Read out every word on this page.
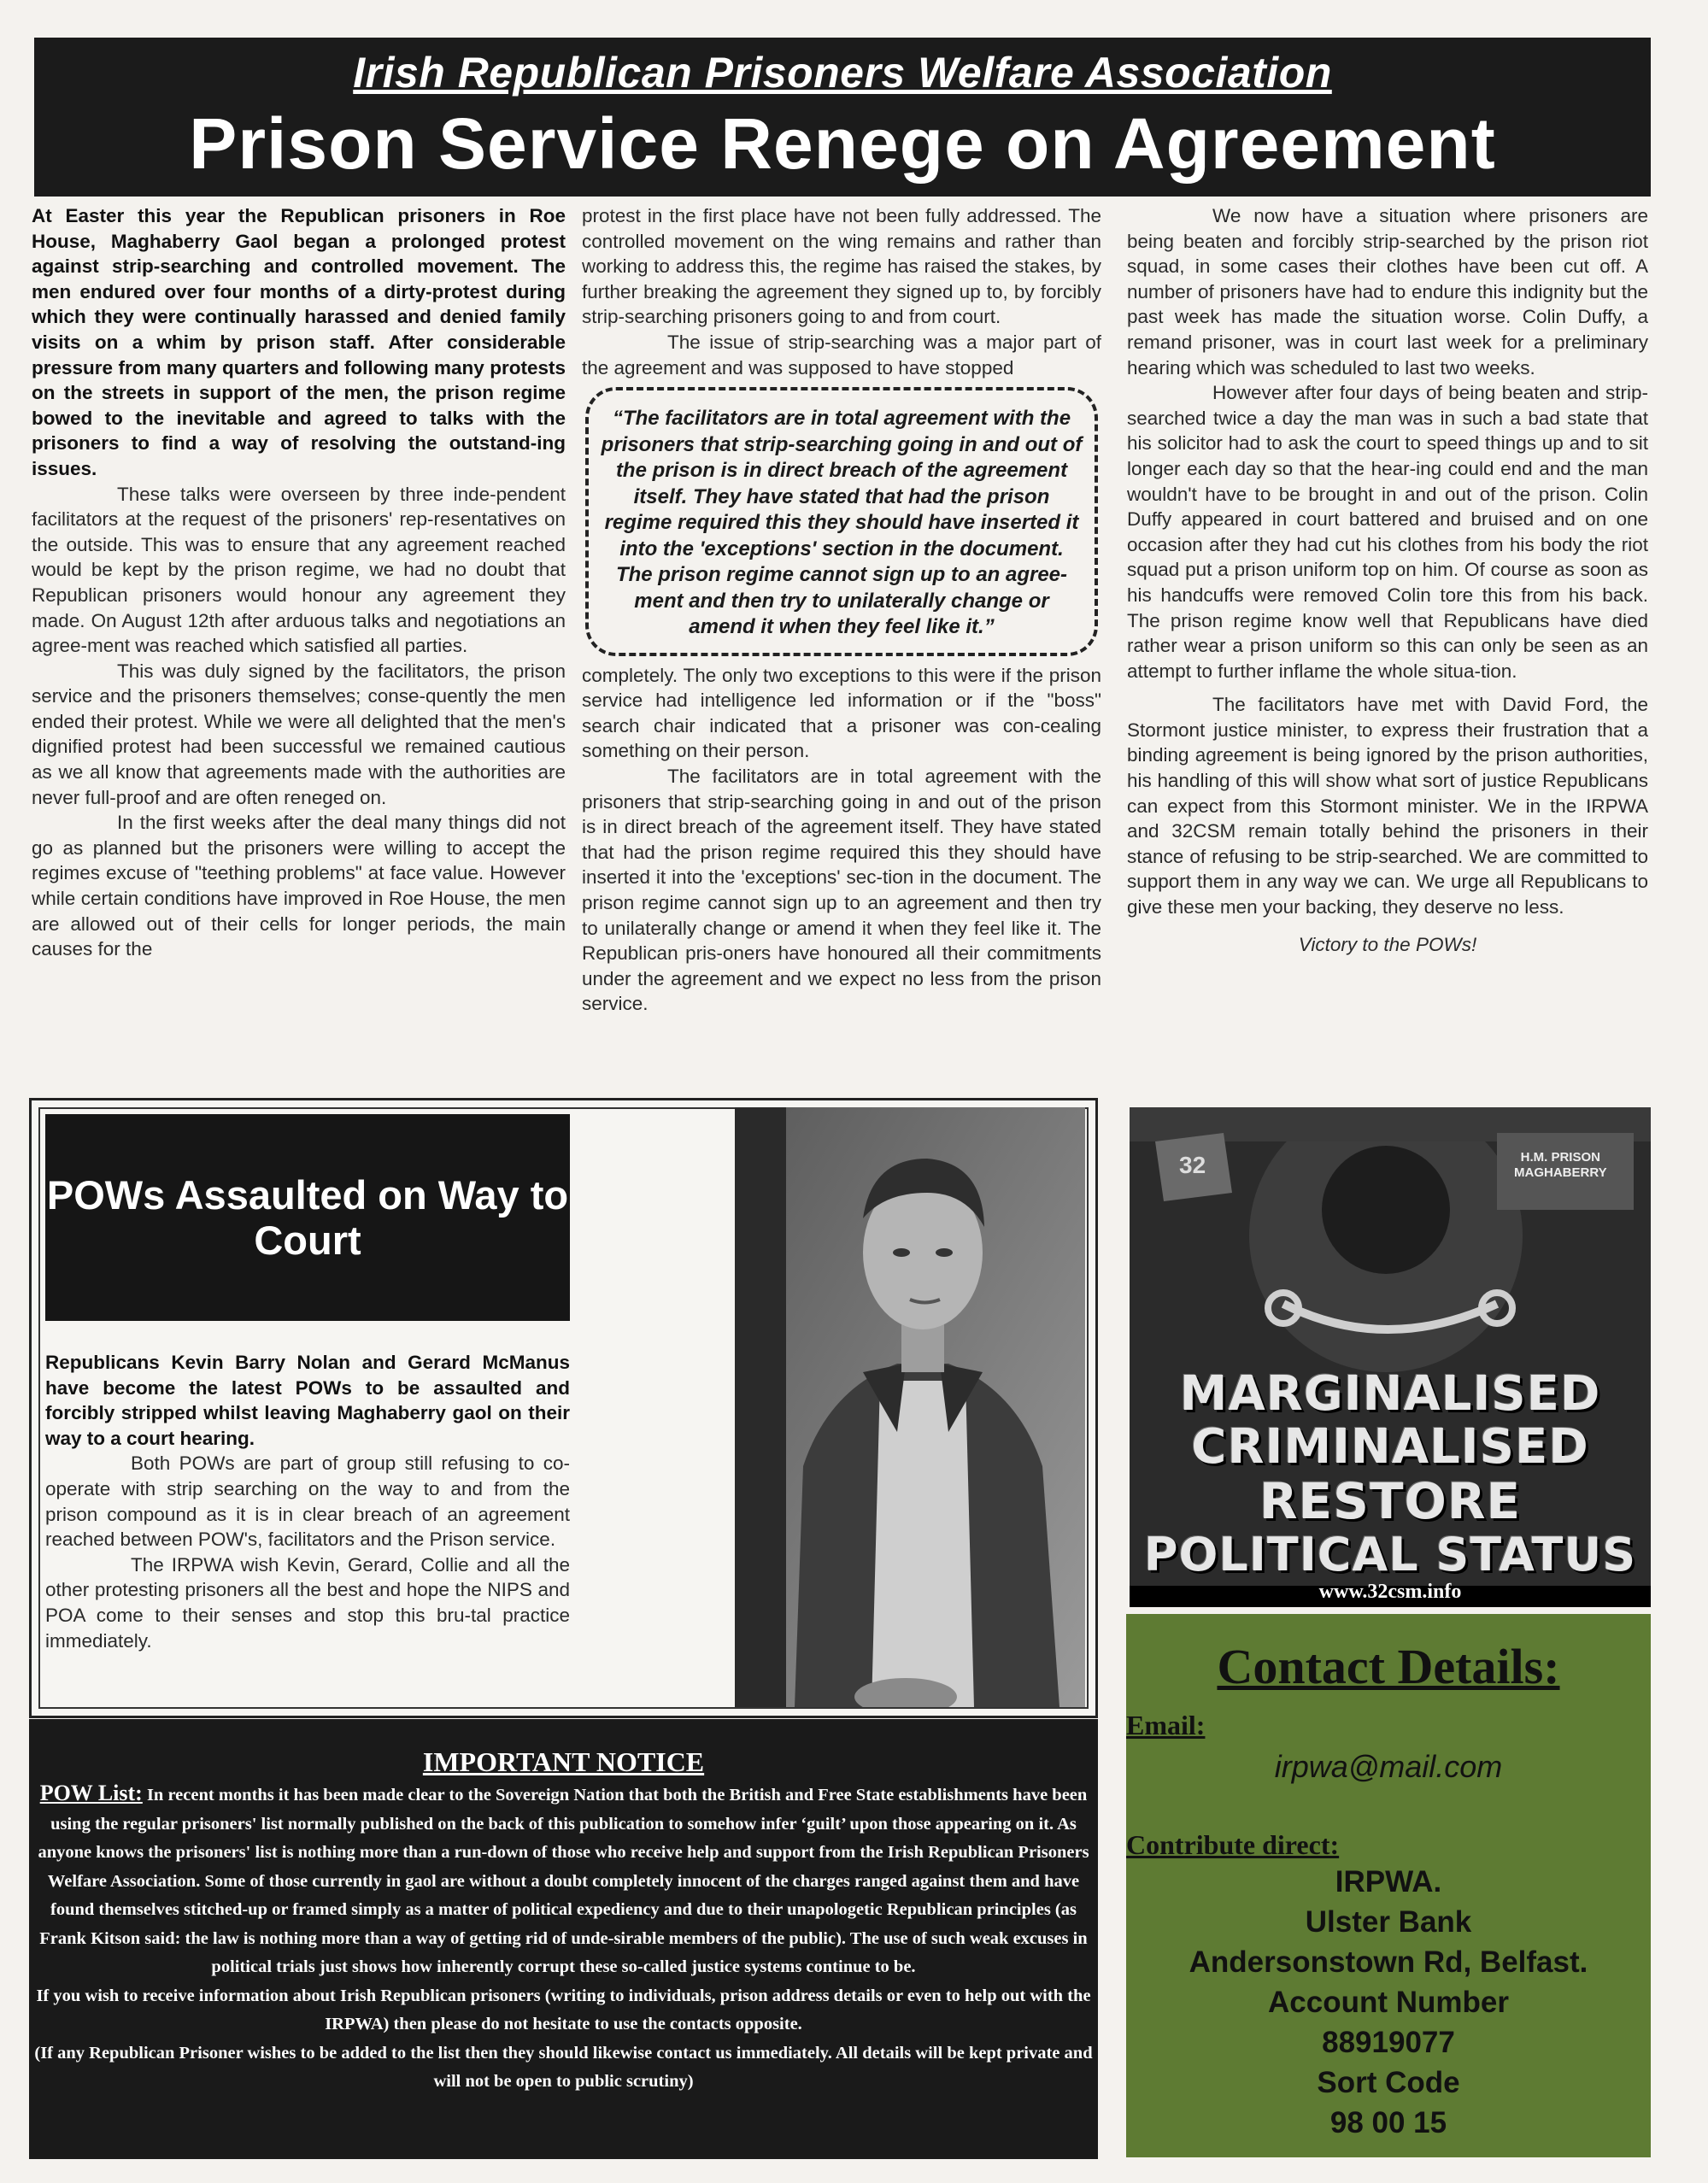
Irish Republican Prisoners Welfare Association
Prison Service Renege on Agreement

At Easter this year the Republican prisoners in Roe House, Maghaberry Gaol began a prolonged protest against strip-searching and controlled movement. The men endured over four months of a dirty-protest during which they were continually harassed and denied family visits on a whim by prison staff. After considerable pressure from many quarters and following many protests on the streets in support of the men, the prison regime bowed to the inevitable and agreed to talks with the prisoners to find a way of resolving the outstand-ing issues.

These talks were overseen by three inde-pendent facilitators at the request of the prisoners' rep-resentatives on the outside. This was to ensure that any agreement reached would be kept by the prison regime, we had no doubt that Republican prisoners would honour any agreement they made. On August 12th after arduous talks and negotiations an agree-ment was reached which satisfied all parties.

This was duly signed by the facilitators, the prison service and the prisoners themselves; conse-quently the men ended their protest. While we were all delighted that the men's dignified protest had been successful we remained cautious as we all know that agreements made with the authorities are never full-proof and are often reneged on.

In the first weeks after the deal many things did not go as planned but the prisoners were willing to accept the regimes excuse of "teething problems" at face value. However while certain conditions have improved in Roe House, the men are allowed out of their cells for longer periods, the main causes for the

protest in the first place have not been fully addressed. The controlled movement on the wing remains and rather than working to address this, the regime has raised the stakes, by further breaking the agreement they signed up to, by forcibly strip-searching prisoners going to and from court.

The issue of strip-searching was a major part of the agreement and was supposed to have stopped

“The facilitators are in total agreement with the prisoners that strip-searching going in and out of the prison is in direct breach of the agreement itself. They have stated that had the prison regime required this they should have inserted it into the 'exceptions' section in the document. The prison regime cannot sign up to an agree-ment and then try to unilaterally change or amend it when they feel like it.”

completely. The only two exceptions to this were if the prison service had intelligence led information or if the "boss" search chair indicated that a prisoner was con-cealing something on their person.

The facilitators are in total agreement with the prisoners that strip-searching going in and out of the prison is in direct breach of the agreement itself. They have stated that had the prison regime required this they should have inserted it into the 'exceptions' sec-tion in the document. The prison regime cannot sign up to an agreement and then try to unilaterally change or amend it when they feel like it. The Republican pris-oners have honoured all their commitments under the agreement and we expect no less from the prison service.

We now have a situation where prisoners are being beaten and forcibly strip-searched by the prison riot squad, in some cases their clothes have been cut off. A number of prisoners have had to endure this indignity but the past week has made the situation worse. Colin Duffy, a remand prisoner, was in court last week for a preliminary hearing which was scheduled to last two weeks.

However after four days of being beaten and strip-searched twice a day the man was in such a bad state that his solicitor had to ask the court to speed things up and to sit longer each day so that the hear-ing could end and the man wouldn't have to be brought in and out of the prison. Colin Duffy appeared in court battered and bruised and on one occasion after they had cut his clothes from his body the riot squad put a prison uniform top on him. Of course as soon as his handcuffs were removed Colin tore this from his back. The prison regime know well that Republicans have died rather wear a prison uniform so this can only be seen as an attempt to further inflame the whole situa-tion.

The facilitators have met with David Ford, the Stormont justice minister, to express their frustration that a binding agreement is being ignored by the prison authorities, his handling of this will show what sort of justice Republicans can expect from this Stormont minister. We in the IRPWA and 32CSM remain totally behind the prisoners in their stance of refusing to be strip-searched. We are committed to support them in any way we can. We urge all Republicans to give these men your backing, they deserve no less.

Victory to the POWs!
POWs Assaulted on Way to Court

Republicans Kevin Barry Nolan and Gerard McManus have become the latest POWs to be assaulted and forcibly stripped whilst leaving Maghaberry gaol on their way to a court hearing.

Both POWs are part of group still refusing to co-operate with strip searching on the way to and from the prison compound as it is in clear breach of an agreement reached between POW's, facilitators and the Prison service.

The IRPWA wish Kevin, Gerard, Collie and all the other protesting prisoners all the best and hope the NIPS and POA come to their senses and stop this bru-tal practice immediately.

IMPORTANT NOTICE
POW List: In recent months it has been made clear to the Sovereign Nation that both the British and Free State establishments have been using the regular prisoners' list normally published on the back of this publication to somehow infer ‘guilt’ upon those appearing on it. As anyone knows the prisoners' list is nothing more than a run-down of those who receive help and support from the Irish Republican Prisoners Welfare Association. Some of those currently in gaol are without a doubt completely innocent of the charges ranged against them and have found themselves stitched-up or framed simply as a matter of political expediency and due to their unapologetic Republican principles (as Frank Kitson said: the law is nothing more than a way of getting rid of unde-sirable members of the public). The use of such weak excuses in political trials just shows how inherently corrupt these so-called justice systems continue to be.
If you wish to receive information about Irish Republican prisoners (writing to individuals, prison address details or even to help out with the IRPWA) then please do not hesitate to use the contacts opposite.
(If any Republican Prisoner wishes to be added to the list then they should likewise contact us immediately. All details will be kept private and will not be open to public scrutiny)
32	H.M. PRISON
MAGHABERRY
MARGINALISED
CRIMINALISED
RESTORE
POLITICAL STATUS
www.32csm.info
Contact Details:
Email:
irpwa@mail.com
Contribute direct:
IRPWA.
Ulster Bank
Andersonstown Rd, Belfast.
Account Number
88919077
Sort Code
98 00 15
